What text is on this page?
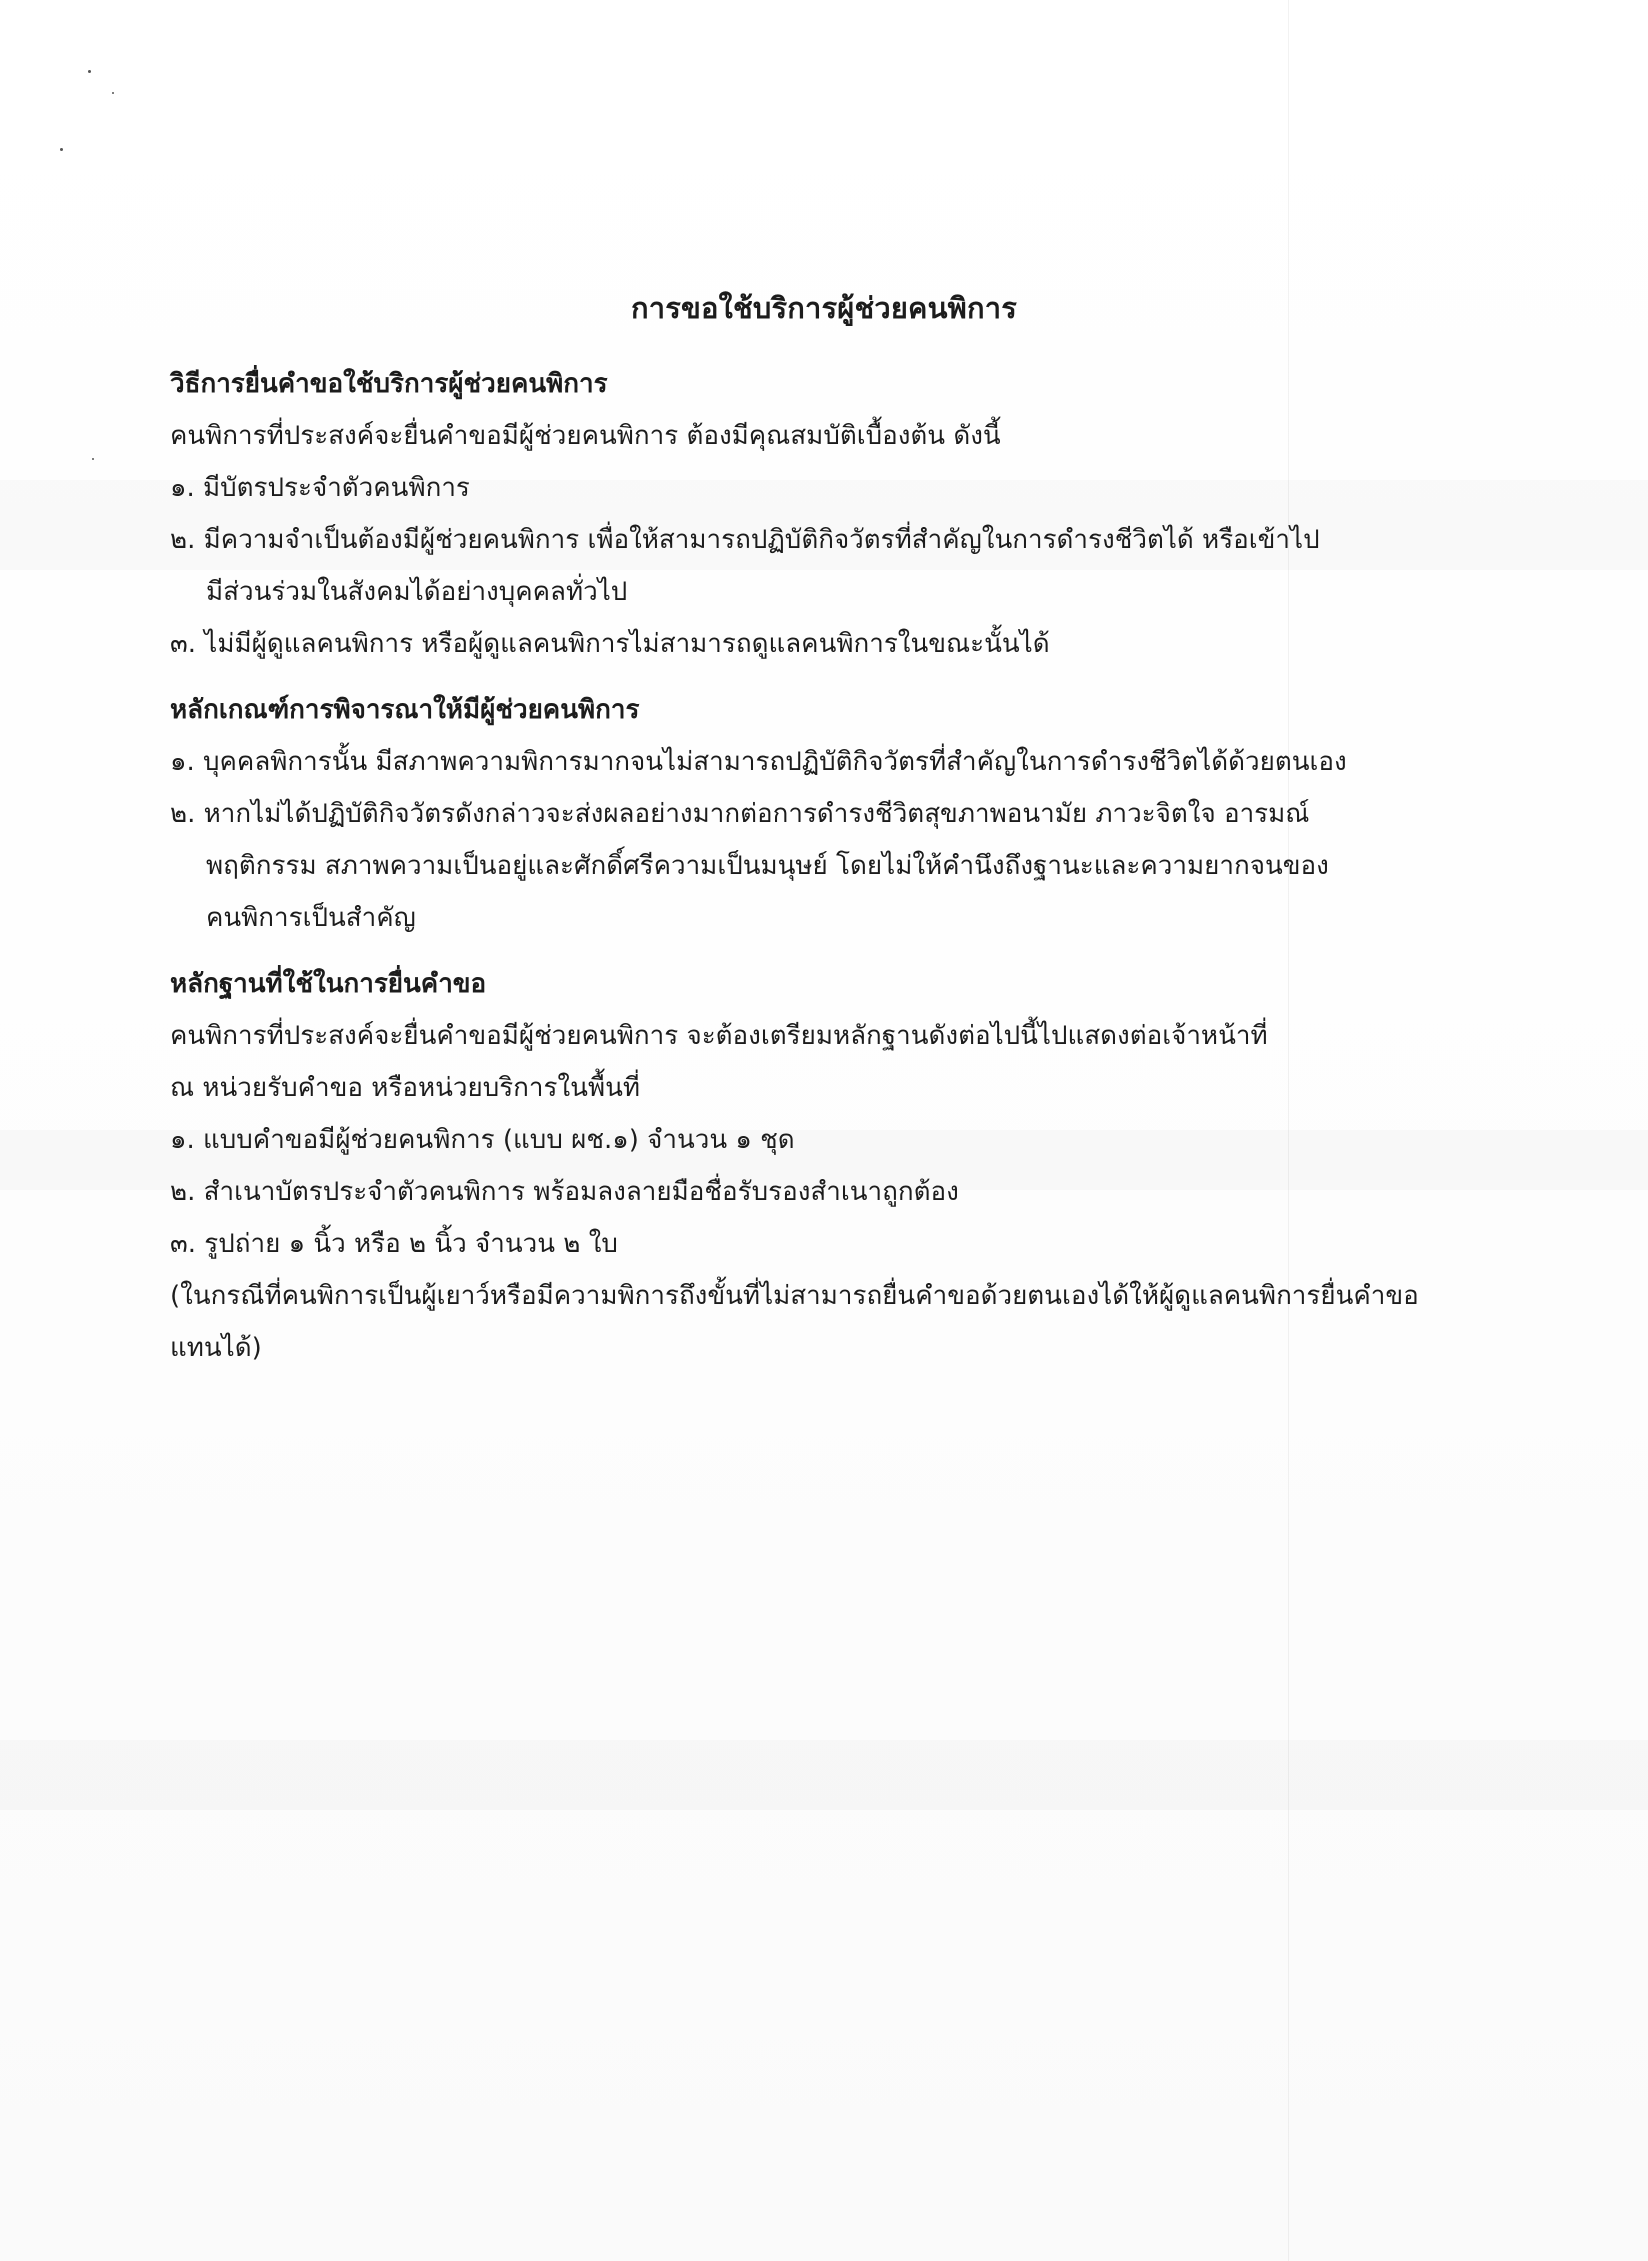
การขอใช้บริการผู้ช่วยคนพิการ
วิธีการยื่นคำขอใช้บริการผู้ช่วยคนพิการ
คนพิการที่ประสงค์จะยื่นคำขอมีผู้ช่วยคนพิการ ต้องมีคุณสมบัติเบื้องต้น ดังนี้
๑. มีบัตรประจำตัวคนพิการ
๒. มีความจำเป็นต้องมีผู้ช่วยคนพิการ เพื่อให้สามารถปฏิบัติกิจวัตรที่สำคัญในการดำรงชีวิตได้ หรือเข้าไป
มีส่วนร่วมในสังคมได้อย่างบุคคลทั่วไป
๓. ไม่มีผู้ดูแลคนพิการ หรือผู้ดูแลคนพิการไม่สามารถดูแลคนพิการในขณะนั้นได้
หลักเกณฑ์การพิจารณาให้มีผู้ช่วยคนพิการ
๑. บุคคลพิการนั้น มีสภาพความพิการมากจนไม่สามารถปฏิบัติกิจวัตรที่สำคัญในการดำรงชีวิตได้ด้วยตนเอง
๒. หากไม่ได้ปฏิบัติกิจวัตรดังกล่าวจะส่งผลอย่างมากต่อการดำรงชีวิตสุขภาพอนามัย ภาวะจิตใจ อารมณ์
พฤติกรรม สภาพความเป็นอยู่และศักดิ์ศรีความเป็นมนุษย์ โดยไม่ให้คำนึงถึงฐานะและความยากจนของ
คนพิการเป็นสำคัญ
หลักฐานที่ใช้ในการยื่นคำขอ
คนพิการที่ประสงค์จะยื่นคำขอมีผู้ช่วยคนพิการ จะต้องเตรียมหลักฐานดังต่อไปนี้ไปแสดงต่อเจ้าหน้าที่
ณ หน่วยรับคำขอ หรือหน่วยบริการในพื้นที่
๑. แบบคำขอมีผู้ช่วยคนพิการ (แบบ ผช.๑) จำนวน ๑ ชุด
๒. สำเนาบัตรประจำตัวคนพิการ พร้อมลงลายมือชื่อรับรองสำเนาถูกต้อง
๓. รูปถ่าย ๑ นิ้ว หรือ ๒ นิ้ว จำนวน ๒ ใบ
(ในกรณีที่คนพิการเป็นผู้เยาว์หรือมีความพิการถึงขั้นที่ไม่สามารถยื่นคำขอด้วยตนเองได้ให้ผู้ดูแลคนพิการยื่นคำขอ
แทนได้)
